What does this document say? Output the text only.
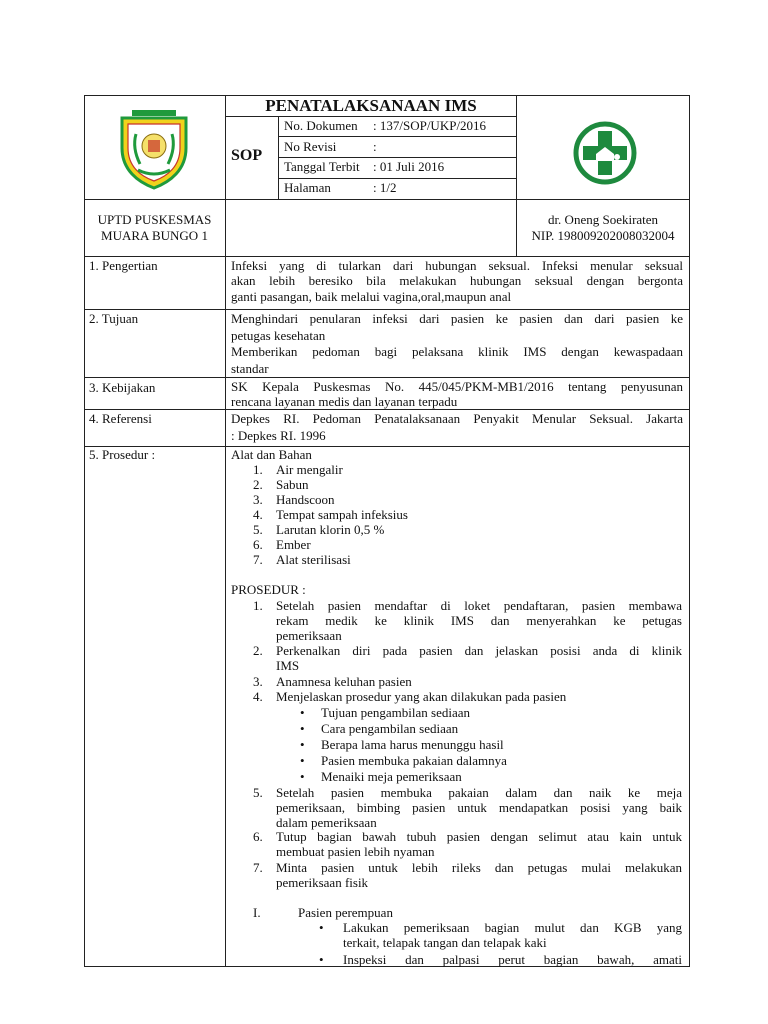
PENATALAKSANAAN IMS
SOP
No. Dokumen : 137/SOP/UKP/2016
No Revisi	:
Tanggal Terbit : 01 Juli 2016
Halaman	: 1/2
UPTD PUSKESMAS
MUARA BUNGO 1
dr. Oneng Soekiraten
NIP. 198009202008032004
1. Pengertian	Infeksi yang di tularkan dari hubungan seksual. Infeksi menular seksual
akan lebih beresiko bila melakukan hubungan seksual dengan bergonta
ganti pasangan, baik melalui vagina,oral,maupun anal
2. Tujuan	Menghindari penularan infeksi dari pasien ke pasien dan dari pasien ke
petugas kesehatan
Memberikan pedoman bagi pelaksana klinik IMS dengan kewaspadaan
standar
3. Kebijakan	SK Kepala Puskesmas No. 445/045/PKM-MB1/2016 tentang penyusunan
rencana layanan medis dan layanan terpadu
4. Referensi	Depkes RI. Pedoman Penatalaksanaan Penyakit Menular Seksual. Jakarta
: Depkes RI. 1996
5. Prosedur :	Alat dan Bahan
1. Air mengalir
2. Sabun
3. Handscoon
4. Tempat sampah infeksius
5. Larutan klorin 0,5 %
6. Ember
7. Alat sterilisasi
PROSEDUR :
1. Setelah pasien mendaftar di loket pendaftaran, pasien membawa
rekam medik ke klinik IMS dan menyerahkan ke petugas
pemeriksaan
2. Perkenalkan diri pada pasien dan jelaskan posisi anda di klinik
IMS
3. Anamnesa keluhan pasien
4. Menjelaskan prosedur yang akan dilakukan pada pasien
• Tujuan pengambilan sediaan
• Cara pengambilan sediaan
• Berapa lama harus menunggu hasil
• Pasien membuka pakaian dalamnya
• Menaiki meja pemeriksaan
5. Setelah pasien membuka pakaian dalam dan naik ke meja
pemeriksaan, bimbing pasien untuk mendapatkan posisi yang baik
dalam pemeriksaan
6. Tutup bagian bawah tubuh pasien dengan selimut atau kain untuk
membuat pasien lebih nyaman
7. Minta pasien untuk lebih rileks dan petugas mulai melakukan
pemeriksaan fisik
I.	Pasien perempuan
• Lakukan pemeriksaan bagian mulut dan KGB yang
terkait, telapak tangan dan telapak kaki
• Inspeksi dan palpasi perut bagian bawah, amati
